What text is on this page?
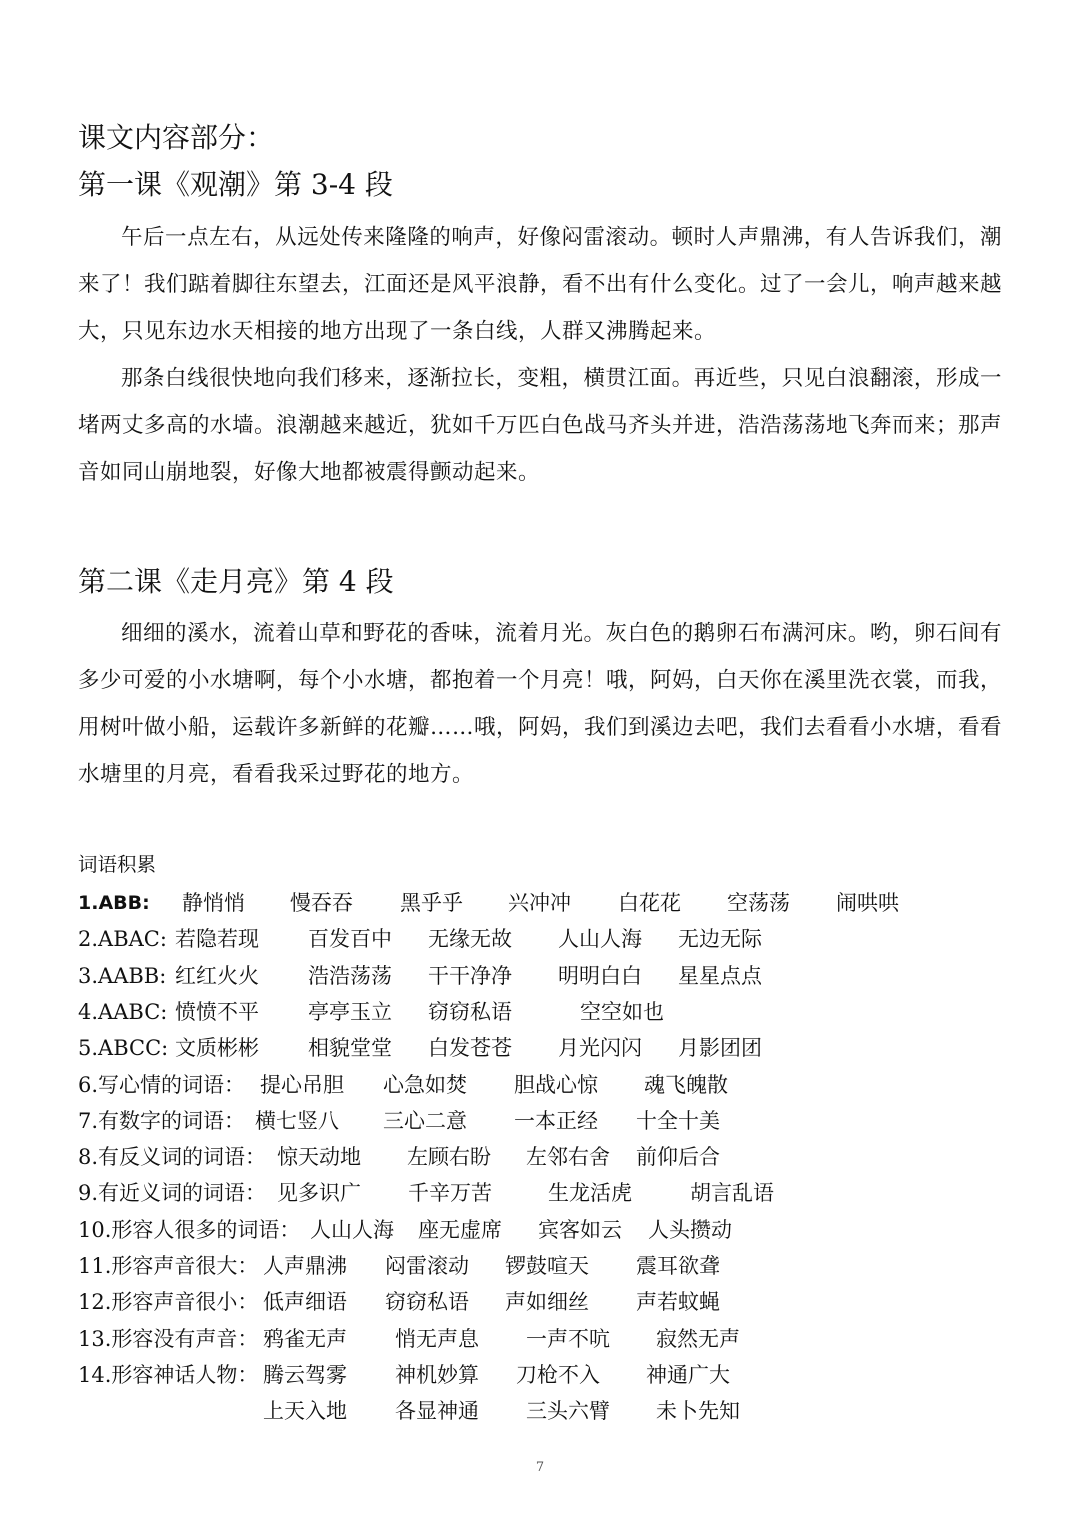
课文内容部分：
第一课《观潮》第 3-4 段
午后一点左右，从远处传来隆隆的响声，好像闷雷滚动。顿时人声鼎沸，有人告诉我们，潮
来了！我们踮着脚往东望去，江面还是风平浪静，看不出有什么变化。过了一会儿，响声越来越
大，只见东边水天相接的地方出现了一条白线，人群又沸腾起来。
那条白线很快地向我们移来，逐渐拉长，变粗，横贯江面。再近些，只见白浪翻滚，形成一
堵两丈多高的水墙。浪潮越来越近，犹如千万匹白色战马齐头并进，浩浩荡荡地飞奔而来；那声
音如同山崩地裂，好像大地都被震得颤动起来。
第二课《走月亮》第 4 段
细细的溪水，流着山草和野花的香味，流着月光。灰白色的鹅卵石布满河床。哟，卵石间有
多少可爱的小水塘啊，每个小水塘，都抱着一个月亮！哦，阿妈，白天你在溪里洗衣裳，而我，
用树叶做小船，运载许多新鲜的花瓣……哦，阿妈，我们到溪边去吧，我们去看看小水塘，看看
水塘里的月亮，看看我采过野花的地方。
词语积累
1.ABB: 静悄悄 慢吞吞 黑乎乎 兴冲冲 白花花 空荡荡 闹哄哄
2.ABAC: 若隐若现 百发百中 无缘无故 人山人海 无边无际
3.AABB: 红红火火 浩浩荡荡 干干净净 明明白白 星星点点
4.AABC: 愤愤不平 亭亭玉立 窃窃私语	空空如也
5.ABCC: 文质彬彬 相貌堂堂 白发苍苍 月光闪闪 月影团团
6.写心情的词语： 提心吊胆 心急如焚 胆战心惊 魂飞魄散
7.有数字的词语： 横七竖八 三心二意 一本正经 十全十美
8.有反义词的词语： 惊天动地 左顾右盼 左邻右舍 前仰后合
9.有近义词的词语： 见多识广 千辛万苦	生龙活虎	胡言乱语
10.形容人很多的词语： 人山人海 座无虚席 宾客如云 人头攒动
11.形容声音很大： 人声鼎沸 闷雷滚动 锣鼓喧天 震耳欲聋
12.形容声音很小： 低声细语 窃窃私语 声如细丝 声若蚊蝇
13.形容没有声音： 鸦雀无声 悄无声息 一声不吭 寂然无声
14.形容神话人物： 腾云驾雾 神机妙算 刀枪不入 神通广大
上天入地 各显神通 三头六臂 未卜先知
7
